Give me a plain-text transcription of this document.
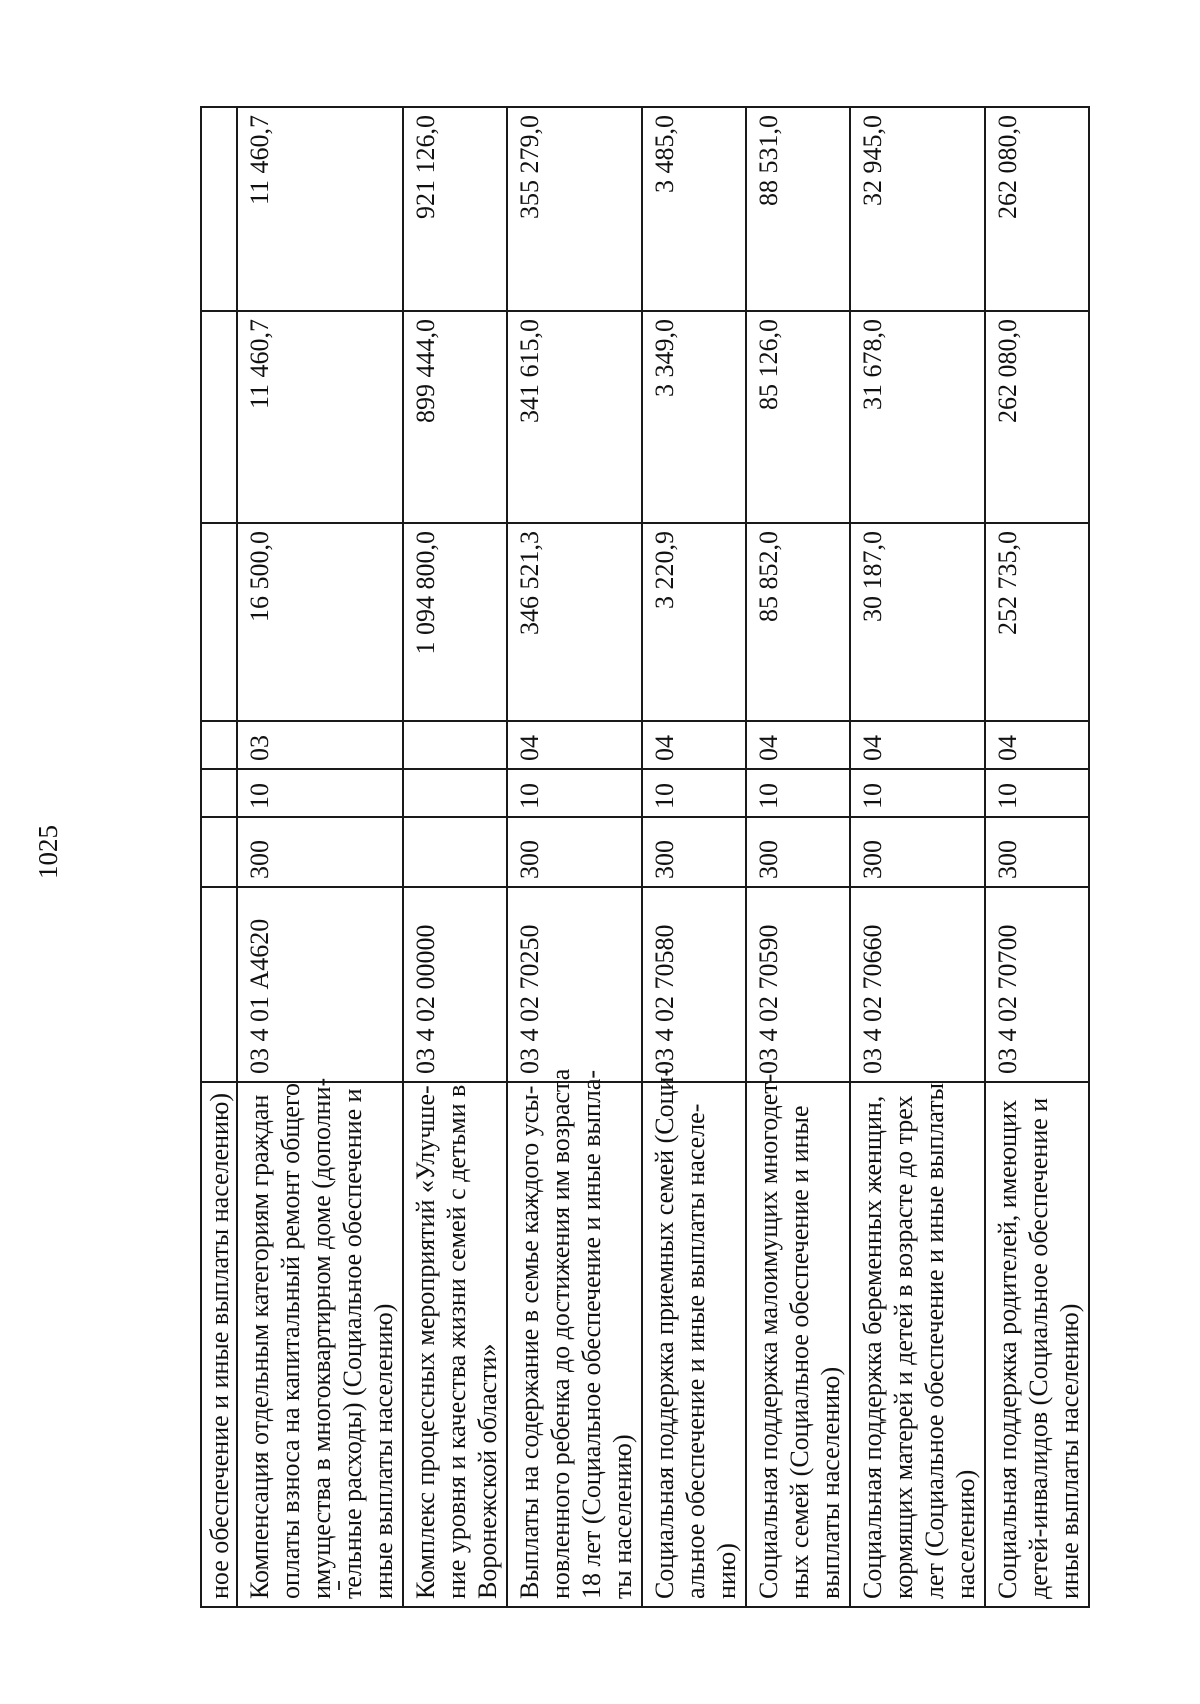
1025
ное обеспечение и иные выплаты населению)							

Компенсация отдельным категориям граждан оплаты взноса на капитальный ремонт общего имущества в многоквартирном доме (дополни- тельные расходы) (Социальное обеспечение и иные выплаты населению)	03 4 01 А4620	300	10	03	16 500,0	11 460,7	11 460,7

Комплекс процессных мероприятий «Улучше- ние уровня и качества жизни семей с детьми в Воронежской области»	03 4 02 00000				1 094 800,0	899 444,0	921 126,0

Выплаты на содержание в семье каждого усы- новленного ребенка до достижения им возраста 18 лет (Социальное обеспечение и иные выпла- ты населению)	03 4 02 70250	300	10	04	346 521,3	341 615,0	355 279,0

Социальная поддержка приемных семей (Соци- альное обеспечение и иные выплаты населе- нию)	03 4 02 70580	300	10	04	3 220,9	3 349,0	3 485,0

Социальная поддержка малоимущих многодет- ных семей (Социальное обеспечение и иные выплаты населению)	03 4 02 70590	300	10	04	85 852,0	85 126,0	88 531,0

Социальная поддержка беременных женщин, кормящих матерей и детей в возрасте до трех лет (Социальное обеспечение и иные выплаты населению)	03 4 02 70660	300	10	04	30 187,0	31 678,0	32 945,0

Социальная поддержка родителей, имеющих детей-инвалидов (Социальное обеспечение и иные выплаты населению)	03 4 02 70700	300	10	04	252 735,0	262 080,0	262 080,0
